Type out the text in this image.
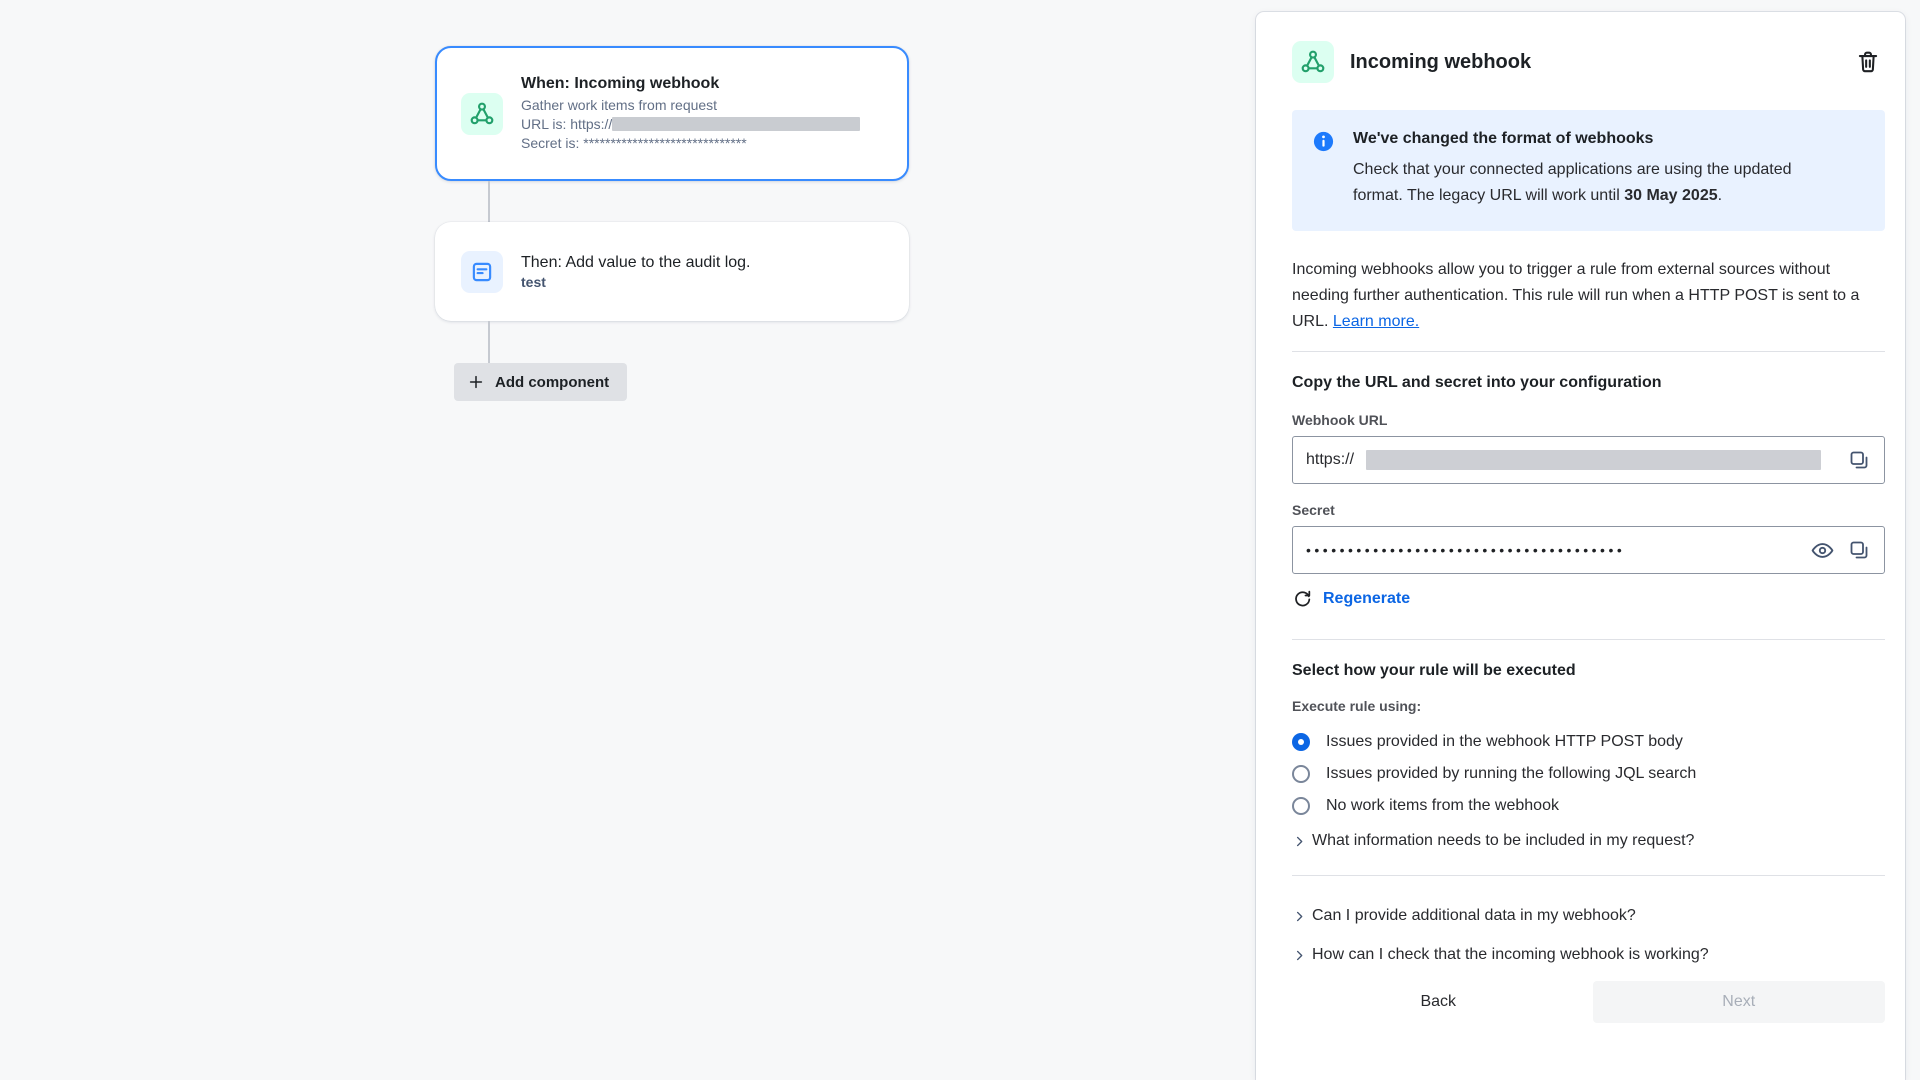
When: Incoming webhook
Gather work items from request
URL is: https://
Secret is: ******************************
Then: Add value to the audit log.
test
Add component
Incoming webhook
We've changed the format of webhooks
Check that your connected applications are using the updated format. The legacy URL will work until 30 May 2025.
Incoming webhooks allow you to trigger a rule from external sources without needing further authentication. This rule will run when a HTTP POST is sent to a URL. Learn more.
Copy the URL and secret into your configuration
Webhook URL
https://
Secret
••••••••••••••••••••••••••••••••••••••
Regenerate
Select how your rule will be executed
Execute rule using:
Issues provided in the webhook HTTP POST body
Issues provided by running the following JQL search
No work items from the webhook
What information needs to be included in my request?
Can I provide additional data in my webhook?
How can I check that the incoming webhook is working?
Back	Next
